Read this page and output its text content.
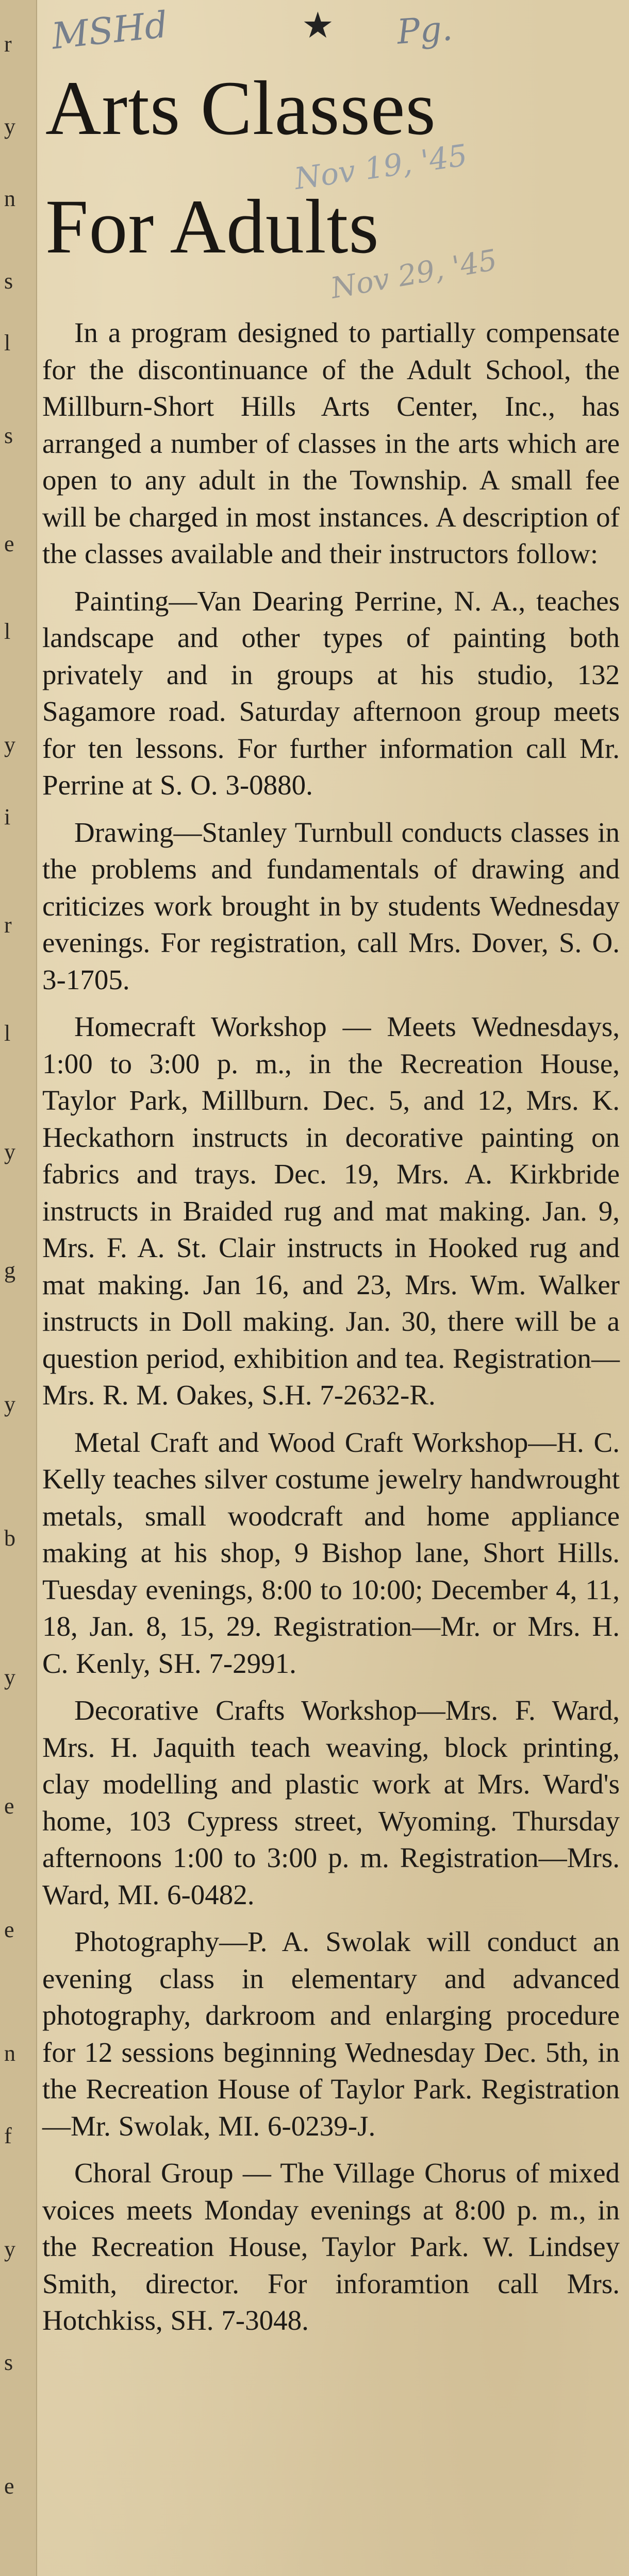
r
y
n
s
l
s
e
l
y
i
r
l
y
g
y
b
y
e
e
n
f
y
s
e
MSHd	★ Pg.
Nov 19, '45
Nov 29, '45
Arts Classes
For Adults

In a program designed to partially compensate for the discontinuance of the Adult School, the Millburn-Short Hills Arts Center, Inc., has arranged a number of classes in the arts which are open to any adult in the Township. A small fee will be charged in most instances. A description of the classes available and their instructors follow:

Painting—Van Dearing Perrine, N. A., teaches landscape and other types of painting both privately and in groups at his studio, 132 Sagamore road. Saturday afternoon group meets for ten lessons. For further information call Mr. Perrine at S. O. 3-0880.

Drawing—Stanley Turnbull conducts classes in the problems and fundamentals of drawing and criticizes work brought in by students Wednesday evenings. For registration, call Mrs. Dover, S. O. 3-1705.

Homecraft Workshop — Meets Wednesdays, 1:00 to 3:00 p. m., in the Recreation House, Taylor Park, Millburn. Dec. 5, and 12, Mrs. K. Heckathorn instructs in decorative painting on fabrics and trays. Dec. 19, Mrs. A. Kirkbride instructs in Braided rug and mat making. Jan. 9, Mrs. F. A. St. Clair instructs in Hooked rug and mat making. Jan 16, and 23, Mrs. Wm. Walker instructs in Doll making. Jan. 30, there will be a question period, exhibition and tea. Registration—Mrs. R. M. Oakes, S.H. 7-2632-R.

Metal Craft and Wood Craft Workshop—H. C. Kelly teaches silver costume jewelry handwrought metals, small woodcraft and home appliance making at his shop, 9 Bishop lane, Short Hills. Tuesday evenings, 8:00 to 10:00; December 4, 11, 18, Jan. 8, 15, 29. Registration—Mr. or Mrs. H. C. Kenly, SH. 7-2991.

Decorative Crafts Workshop—Mrs. F. Ward, Mrs. H. Jaquith teach weaving, block printing, clay modelling and plastic work at Mrs. Ward's home, 103 Cypress street, Wyoming. Thursday afternoons 1:00 to 3:00 p. m. Registration—Mrs. Ward, MI. 6-0482.

Photography—P. A. Swolak will conduct an evening class in elementary and advanced photography, darkroom and enlarging procedure for 12 sessions beginning Wednesday Dec. 5th, in the Recreation House of Taylor Park. Registration—Mr. Swolak, MI. 6-0239-J.

Choral Group — The Village Chorus of mixed voices meets Monday evenings at 8:00 p. m., in the Recreation House, Taylor Park. W. Lindsey Smith, director. For inforamtion call Mrs. Hotchkiss, SH. 7-3048.
